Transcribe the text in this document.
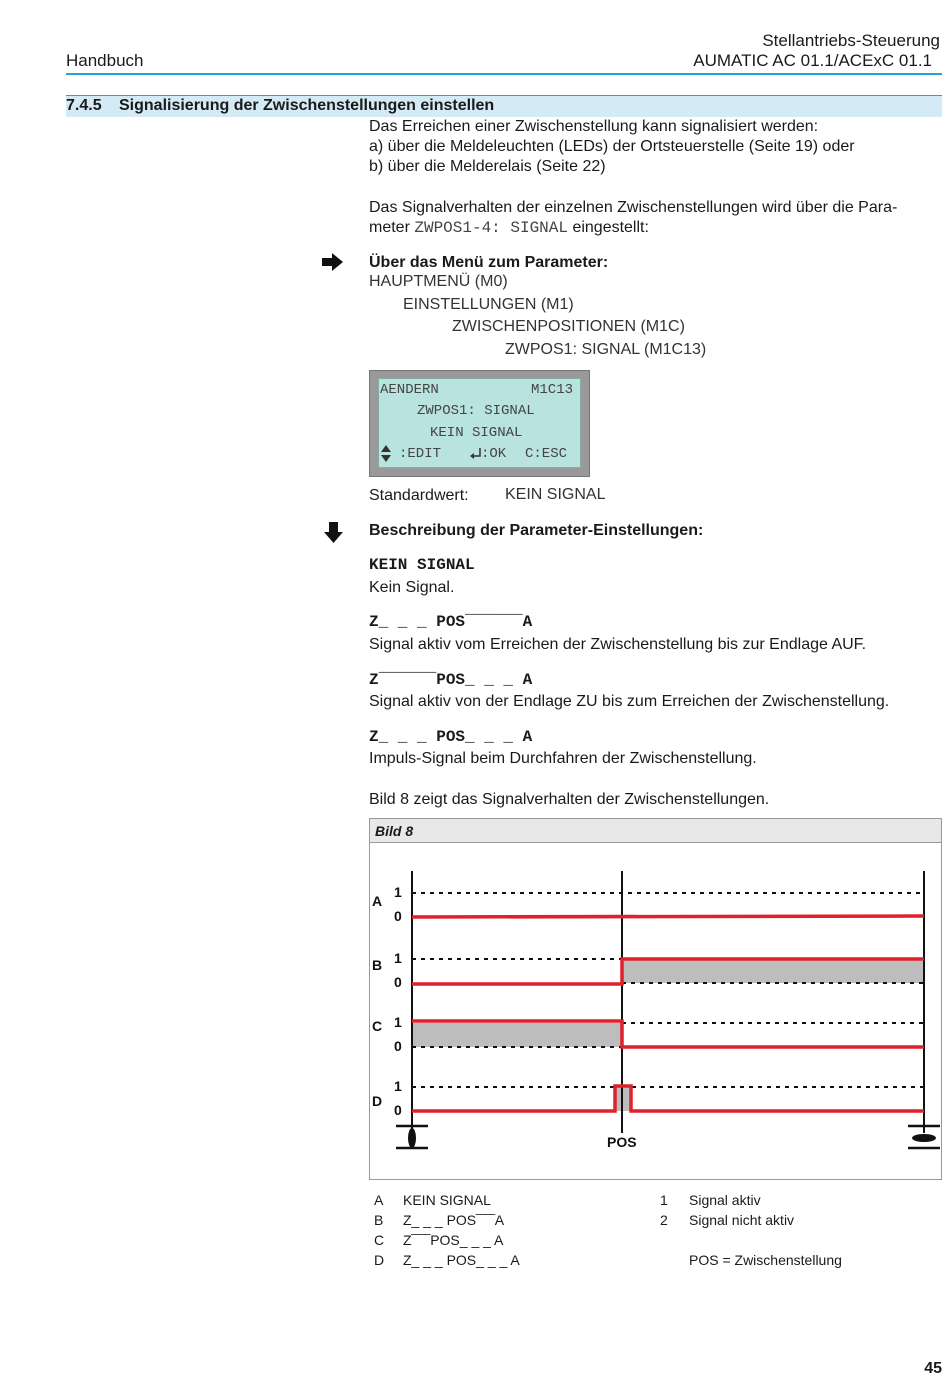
Handbuch
Stellantriebs-Steuerung
AUMATIC AC 01.1/ACExC 01.1
7.4.5 Signalisierung der Zwischenstellungen einstellen
Das Erreichen einer Zwischenstellung kann signalisiert werden:
a) über die Meldeleuchten (LEDs) der Ortsteuerstelle (Seite 19) oder
b) über die Melderelais (Seite 22)
Das Signalverhalten der einzelnen Zwischenstellungen wird über die Para-
meter ZWPOS1-4: SIGNAL eingestellt:
Über das Menü zum Parameter:
HAUPTMENÜ (M0)
EINSTELLUNGEN (M1)
ZWISCHENPOSITIONEN (M1C)
ZWPOS1: SIGNAL (M1C13)
AENDERN	M1C13
ZWPOS1: SIGNAL
KEIN SIGNAL
:EDIT	:OK C:ESC
Standardwert: KEIN SIGNAL
Beschreibung der Parameter-Einstellungen:
KEIN SIGNAL
Kein Signal.
Z_ _ _ POS‾‾‾‾‾‾A
Signal aktiv vom Erreichen der Zwischenstellung bis zur Endlage AUF.
Z‾‾‾‾‾‾POS_ _ _ A
Signal aktiv von der Endlage ZU bis zum Erreichen der Zwischenstellung.
Z_ _ _ POS_ _ _ A
Impuls-Signal beim Durchfahren der Zwischenstellung.
Bild 8 zeigt das Signalverhalten der Zwischenstellungen.
Bild 8
A
B
C
D
1
0
1
0
1
0
1
0
POS
A KEIN SIGNAL
B Z_ _ _ POS‾‾‾‾A
C Z‾‾‾‾POS_ _ _ A
D Z_ _ _ POS_ _ _ A
1 Signal aktiv
2 Signal nicht aktiv
POS = Zwischenstellung
45
